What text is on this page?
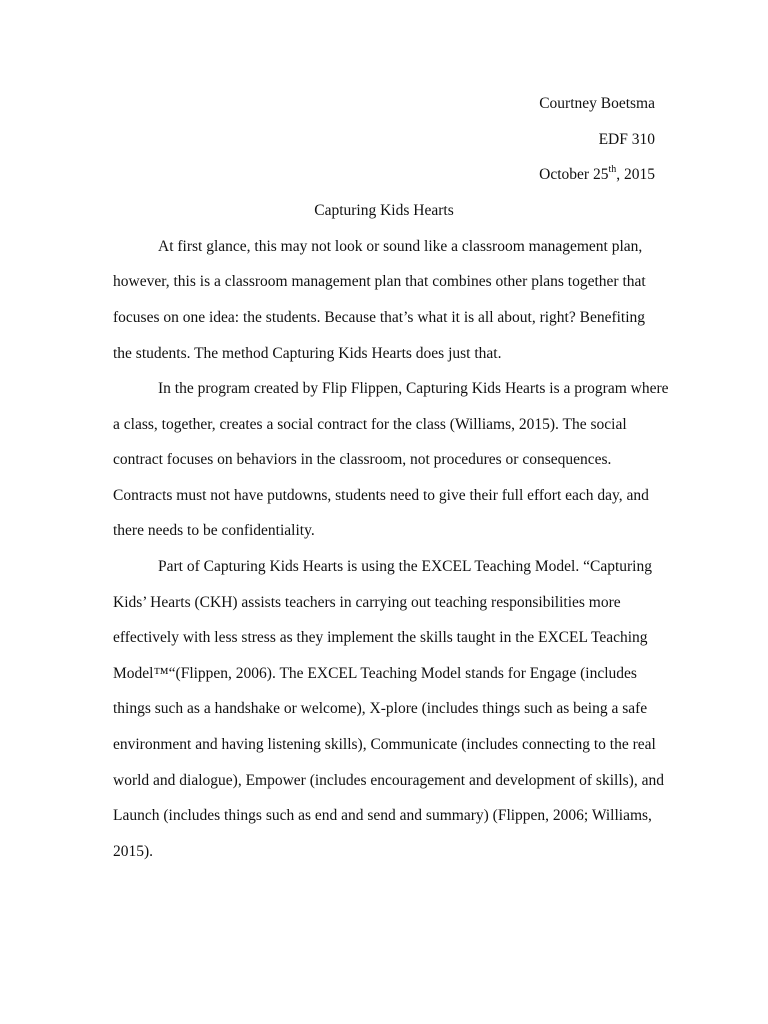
Courtney Boetsma
EDF 310
October 25th, 2015
Capturing Kids Hearts
At first glance, this may not look or sound like a classroom management plan,
however, this is a classroom management plan that combines other plans together that
focuses on one idea: the students. Because that’s what it is all about, right? Benefiting
the students. The method Capturing Kids Hearts does just that.
In the program created by Flip Flippen, Capturing Kids Hearts is a program where
a class, together, creates a social contract for the class (Williams, 2015). The social
contract focuses on behaviors in the classroom, not procedures or consequences.
Contracts must not have putdowns, students need to give their full effort each day, and
there needs to be confidentiality.
Part of Capturing Kids Hearts is using the EXCEL Teaching Model. “Capturing
Kids’ Hearts (CKH) assists teachers in carrying out teaching responsibilities more
effectively with less stress as they implement the skills taught in the EXCEL Teaching
Model™“(Flippen, 2006). The EXCEL Teaching Model stands for Engage (includes
things such as a handshake or welcome), X-plore (includes things such as being a safe
environment and having listening skills), Communicate (includes connecting to the real
world and dialogue), Empower (includes encouragement and development of skills), and
Launch (includes things such as end and send and summary) (Flippen, 2006; Williams,
2015).
